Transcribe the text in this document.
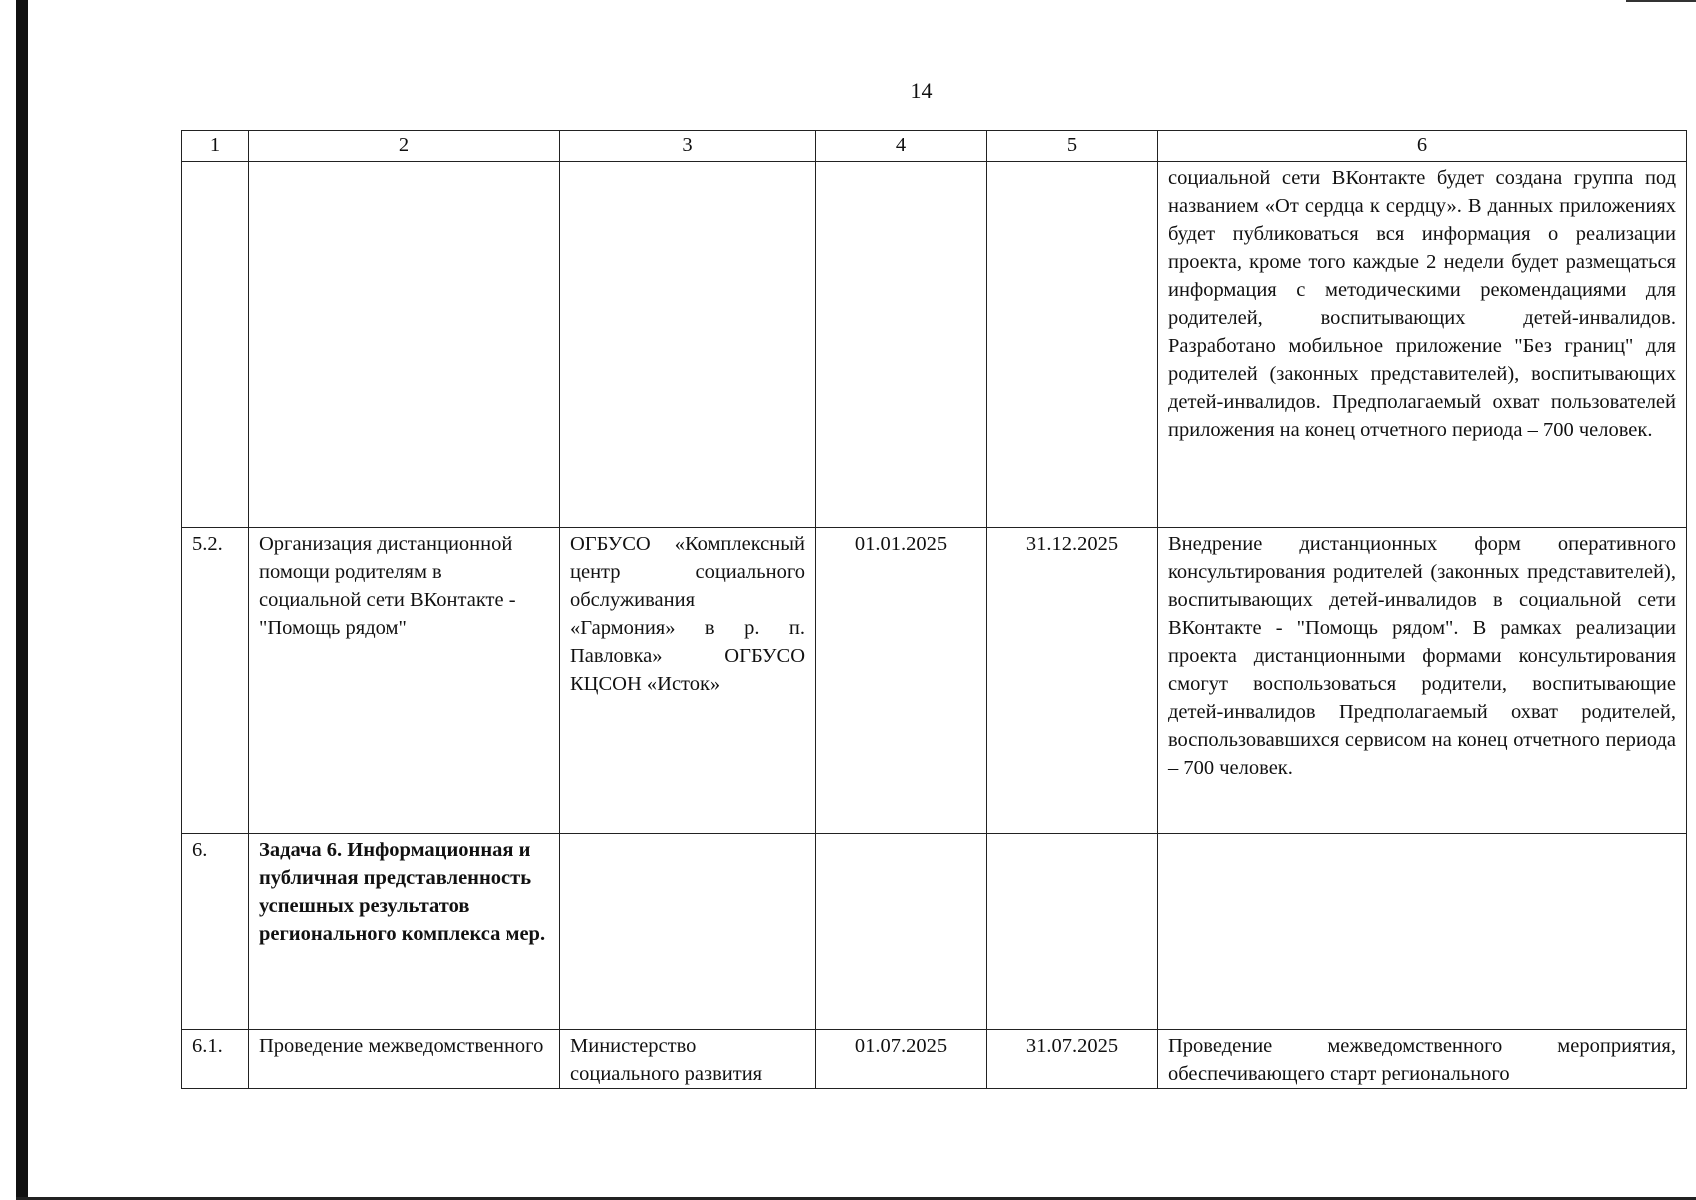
14
1	2	3	4	5	6
					социальной сети ВКонтакте будет создана группа под названием «От сердца к сердцу». В данных приложениях будет публиковаться вся информация о реализации проекта, кроме того каждые 2 недели будет размещаться информация с методическими рекомендациями для родителей, воспитывающих детей-инвалидов. Разработано мобильное приложение "Без границ" для родителей (законных представителей), воспитывающих детей-инвалидов. Предполагаемый охват пользователей приложения на конец отчетного периода – 700 человек.
5.2.	Организация дистанционной помощи родителям в социальной сети ВКонтакте - "Помощь рядом"	ОГБУСО «Комплексный центр социального обслуживания «Гармония» в р. п. Павловка» ОГБУСО КЦСОН «Исток»	01.01.2025	31.12.2025	Внедрение дистанционных форм оперативного консультирования родителей (законных представителей), воспитывающих детей-инвалидов в социальной сети ВКонтакте - "Помощь рядом". В рамках реализации проекта дистанционными формами консультирования смогут воспользоваться родители, воспитывающие детей-инвалидов Предполагаемый охват родителей, воспользовавшихся сервисом на конец отчетного периода – 700 человек.
6.	Задача 6. Информационная и публичная представленность успешных результатов регионального комплекса мер.				
6.1.	Проведение межведомственного	Министерство социального развития	01.07.2025	31.07.2025	Проведение межведомственного мероприятия, обеспечивающего старт регионального
